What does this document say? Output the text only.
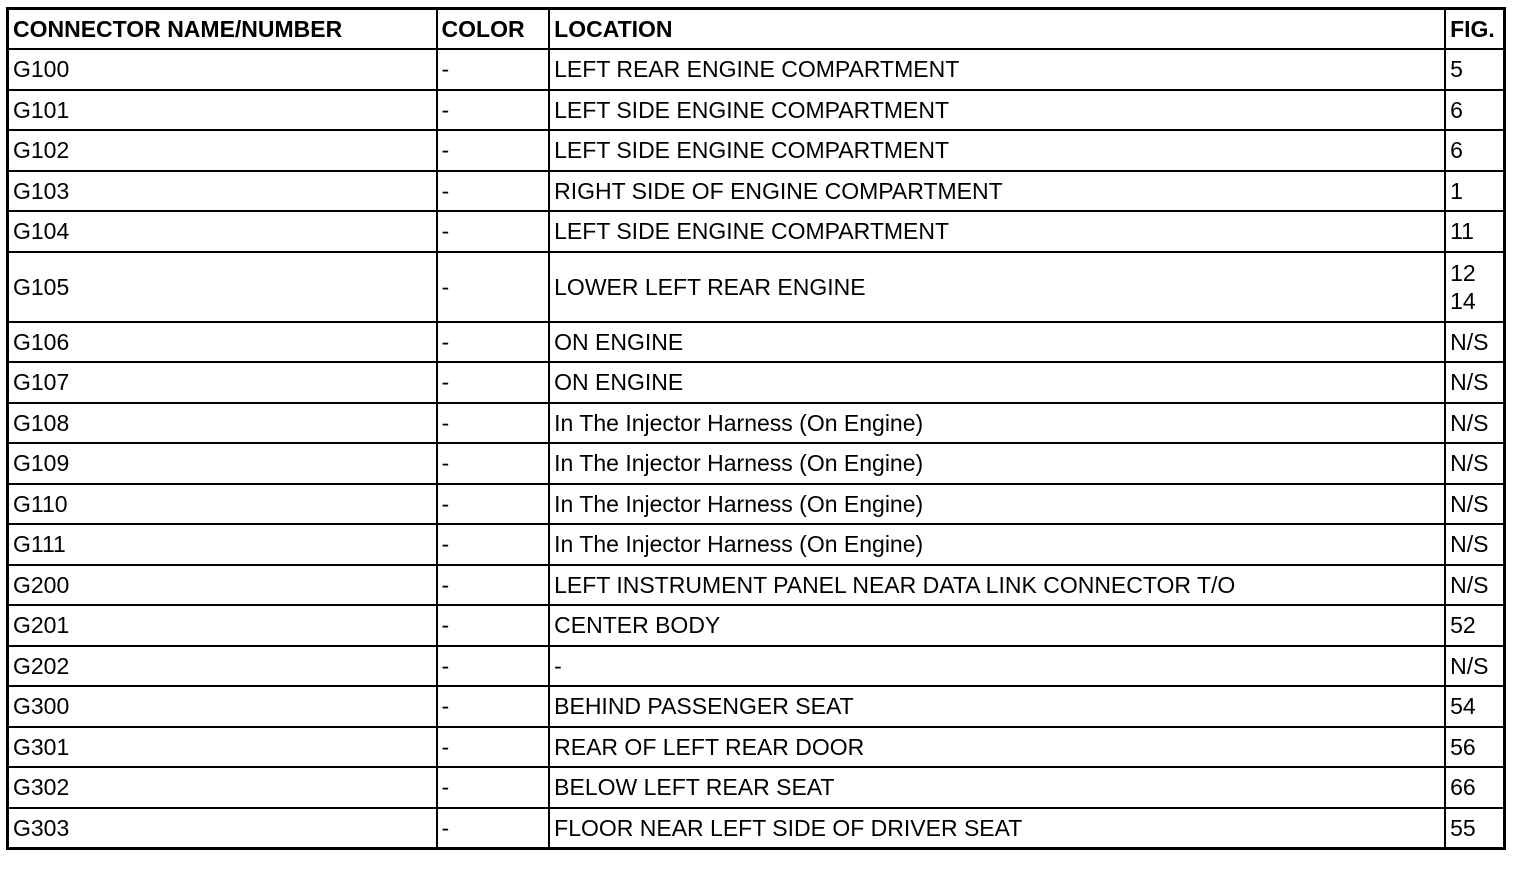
CONNECTOR NAME/NUMBER	COLOR	LOCATION	FIG.
G100	-	LEFT REAR ENGINE COMPARTMENT	5

G101	-	LEFT SIDE ENGINE COMPARTMENT	6

G102	-	LEFT SIDE ENGINE COMPARTMENT	6

G103	-	RIGHT SIDE OF ENGINE COMPARTMENT	1

G104	-	LEFT SIDE ENGINE COMPARTMENT	11

G105	-	LOWER LEFT REAR ENGINE	12
14

G106	-	ON ENGINE	N/S

G107	-	ON ENGINE	N/S

G108	-	In The Injector Harness (On Engine)	N/S

G109	-	In The Injector Harness (On Engine)	N/S

G110	-	In The Injector Harness (On Engine)	N/S

G111	-	In The Injector Harness (On Engine)	N/S

G200	-	LEFT INSTRUMENT PANEL NEAR DATA LINK CONNECTOR T/O	N/S

G201	-	CENTER BODY	52

G202	-	-	N/S

G300	-	BEHIND PASSENGER SEAT	54

G301	-	REAR OF LEFT REAR DOOR	56

G302	-	BELOW LEFT REAR SEAT	66

G303	-	FLOOR NEAR LEFT SIDE OF DRIVER SEAT	55
